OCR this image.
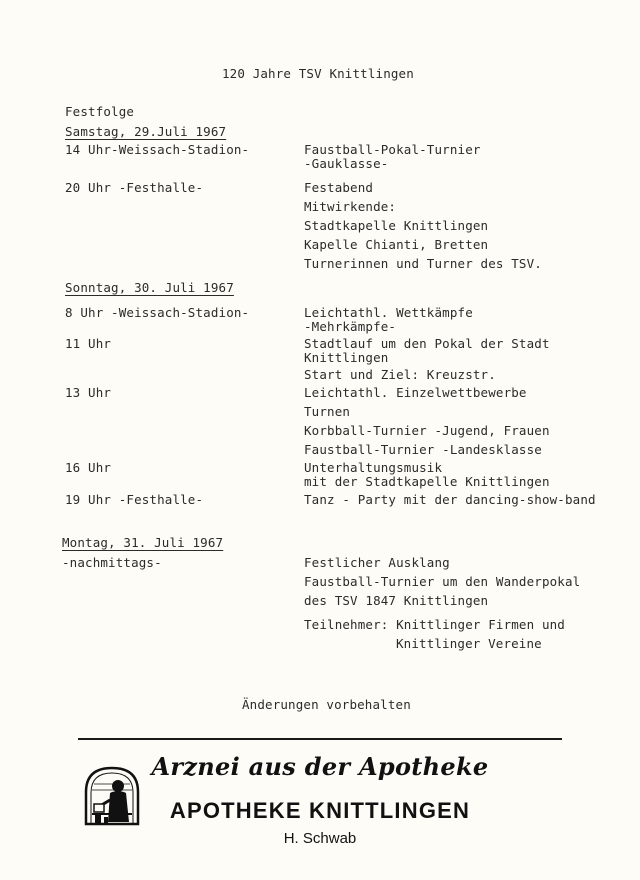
120 Jahre TSV Knittlingen
Festfolge
Samstag, 29.Juli 1967
14 Uhr-Weissach-Stadion-	Faustball-Pokal-Turnier
-Gauklasse-
20 Uhr -Festhalle-	Festabend
Mitwirkende:
Stadtkapelle Knittlingen
Kapelle Chianti, Bretten
Turnerinnen und Turner des TSV.
Sonntag, 30. Juli 1967
8 Uhr -Weissach-Stadion-	Leichtathl. Wettkämpfe
-Mehrkämpfe-
11 Uhr	Stadtlauf um den Pokal der Stadt
Knittlingen
Start und Ziel: Kreuzstr.
13 Uhr	Leichtathl. Einzelwettbewerbe
Turnen
Korbball-Turnier -Jugend, Frauen
Faustball-Turnier -Landesklasse
16 Uhr	Unterhaltungsmusik
mit der Stadtkapelle Knittlingen
19 Uhr -Festhalle-	Tanz - Party mit der dancing-show-band
Montag, 31. Juli 1967
-nachmittags-	Festlicher Ausklang
Faustball-Turnier um den Wanderpokal
des TSV 1847 Knittlingen
Teilnehmer: Knittlinger Firmen und
Knittlinger Vereine
Änderungen vorbehalten
Arznei aus der Apotheke
APOTHEKE KNITTLINGEN
H. Schwab
